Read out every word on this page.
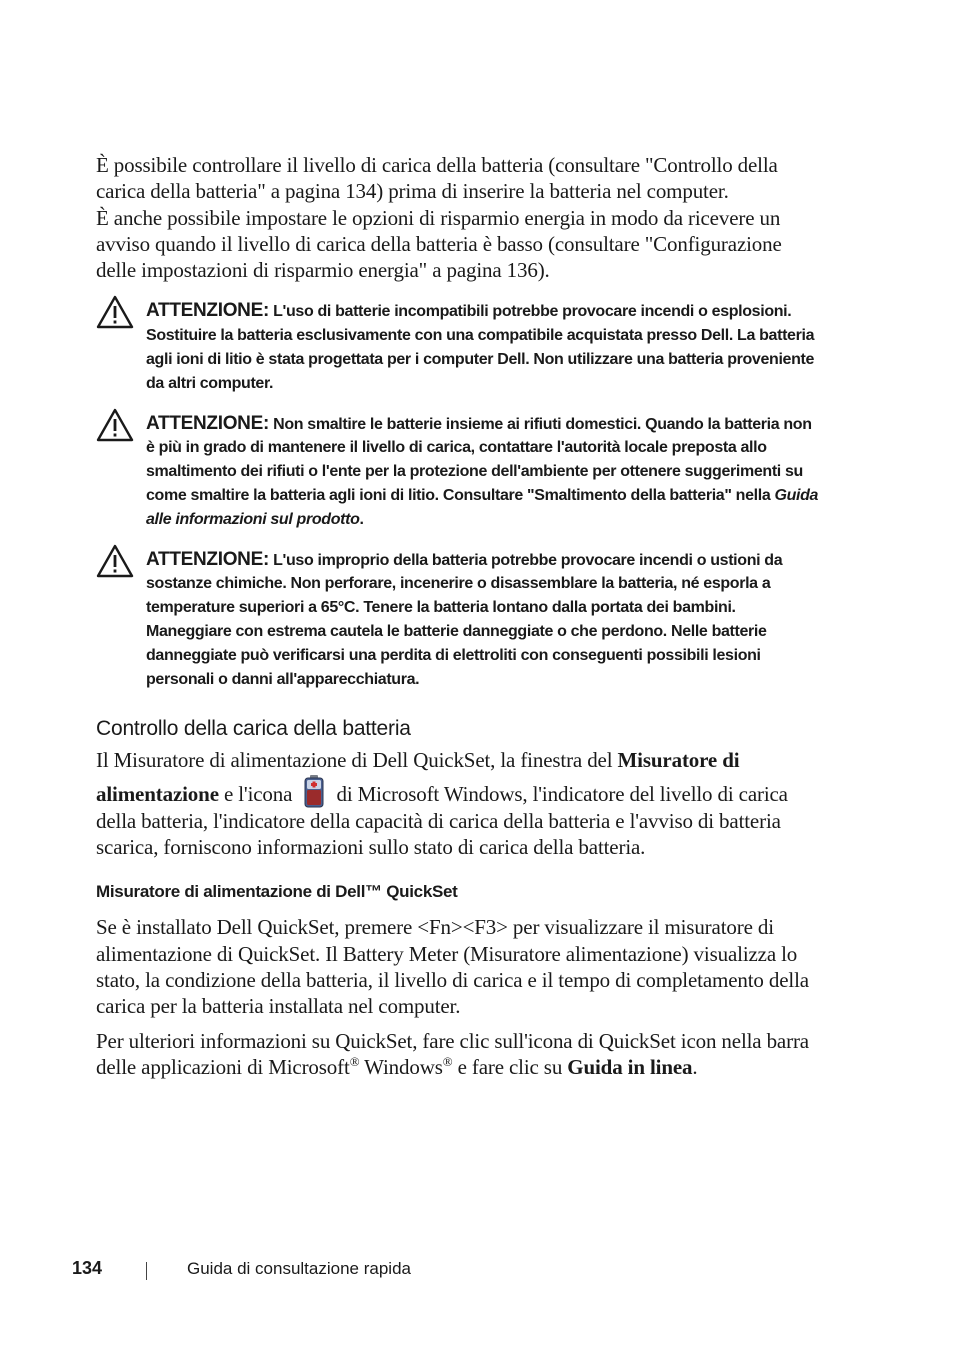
È possibile controllare il livello di carica della batteria (consultare "Controllo della carica della batteria" a pagina 134) prima di inserire la batteria nel computer.

È anche possibile impostare le opzioni di risparmio energia in modo da ricevere un avviso quando il livello di carica della batteria è basso (consultare "Configurazione delle impostazioni di risparmio energia" a pagina 136).

ATTENZIONE: L'uso di batterie incompatibili potrebbe provocare incendi o esplosioni. Sostituire la batteria esclusivamente con una compatibile acquistata presso Dell. La batteria agli ioni di litio è stata progettata per i computer Dell. Non utilizzare una batteria proveniente da altri computer.
ATTENZIONE: Non smaltire le batterie insieme ai rifiuti domestici. Quando la batteria non è più in grado di mantenere il livello di carica, contattare l'autorità locale preposta allo smaltimento dei rifiuti o l'ente per la protezione dell'ambiente per ottenere suggerimenti su come smaltire la batteria agli ioni di litio. Consultare "Smaltimento della batteria" nella Guida alle informazioni sul prodotto.
ATTENZIONE: L'uso improprio della batteria potrebbe provocare incendi o ustioni da sostanze chimiche. Non perforare, incenerire o disassemblare la batteria, né esporla a temperature superiori a 65°C. Tenere la batteria lontano dalla portata dei bambini. Maneggiare con estrema cautela le batterie danneggiate o che perdono. Nelle batterie danneggiate può verificarsi una perdita di elettroliti con conseguenti possibili lesioni personali o danni all'apparecchiatura.
Controllo della carica della batteria

Il Misuratore di alimentazione di Dell QuickSet, la finestra del Misuratore di alimentazione e l'icona  di Microsoft Windows, l'indicatore del livello di carica della batteria, l'indicatore della capacità di carica della batteria e l'avviso di batteria scarica, forniscono informazioni sullo stato di carica della batteria.

Misuratore di alimentazione di Dell™ QuickSet

Se è installato Dell QuickSet, premere <Fn><F3> per visualizzare il misuratore di alimentazione di QuickSet. Il Battery Meter (Misuratore alimentazione) visualizza lo stato, la condizione della batteria, il livello di carica e il tempo di completamento della carica per la batteria installata nel computer.

Per ulteriori informazioni su QuickSet, fare clic sull'icona di QuickSet icon nella barra delle applicazioni di Microsoft® Windows® e fare clic su Guida in linea.

134	Guida di consultazione rapida
